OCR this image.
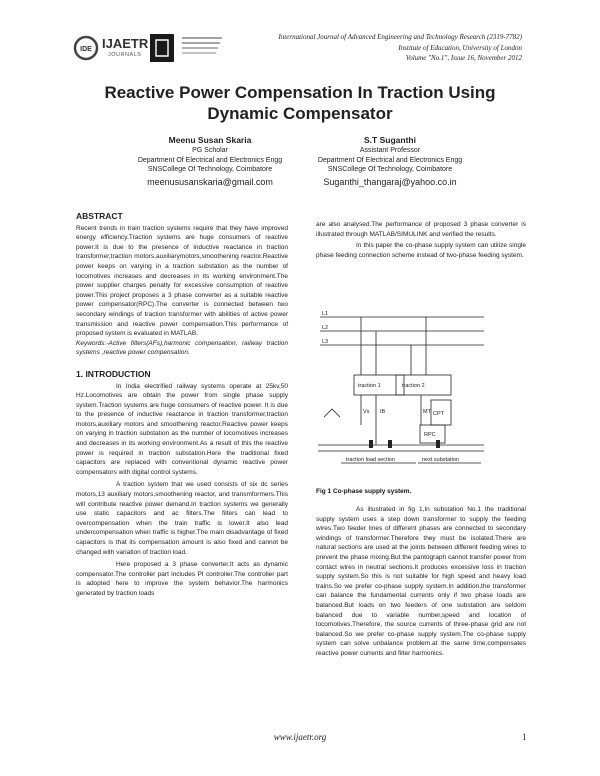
IDE IJAETR
JOURNALS
International Journal of Advanced Engineering and Technology Research (2319-7782)
Institute of Education, University of London
Volume "No.1", Issue 16, November 2012
Reactive Power Compensation In Traction Using
Dynamic Compensator
Meenu Susan Skaria
PG Scholar
Department Of Electrical and Electronics Engg
SNSCollege Of Technology, Coimbatore
meenususanskaria@gmail.com
S.T Suganthi
Assistant Professor
Department Of Electrical and Electronics Engg
SNSCollege Of Technology, Coimbatore
Suganthi_thangaraj@yahoo.co.in
ABSTRACT

Recent trends in train traction systems require that they have improved energy efficiency.Traction systems are huge consumers of reactive power.It is due to the presence of inductive reactance in traction transformer,traction motors,auxiliarymotors,smoothening reactor.Reactive power keeps on varying in a traction substation as the number of locomotives increases and decreases in its working environment.The power supplier charges penalty for excessive consumption of reactive power.This project proposes a 3 phase converter as a suitable reactive power compensator(RPC).The converter is connected between two secondary windings of traction transformer with abilities of active power transmission and reactive power compensation.This performance of proposed system is evaluated in MATLAB.

Keywords:-Active filters(AFs),harmonic compensation, railway traction systems ,reactive power compensation.

1. INTRODUCTION

In India electrified railway systems operate at 25kv,50 Hz.Locomotives are obtain the power from single phase supply system.Traction systems are huge consumers of reactive power. It is due to the presence of inductive reactance in traction transformer,traction motors,auxiliary motors and smoothening reactor.Reactive power keeps on varying in traction substation as the number of locomotives increases and decreases in its working environment.As a result of this the reactive power is required in traction substation.Here the traditional fixed capacitors are replaced with conventional dynamic reactive power compensators with digital control systems.

A traction system that we used consists of six dc series motors,13 auxiliary motors,smoothening reactor, and transmformers.This will contribute reactive power demand.In traction systems we generally use static capacitors and ac filters.The filters can lead to overcompensation when the train traffic is lower.It also lead undercompensation when traffic is higher.The main disadvantage of fixed capacitors is that its compensation amount is also fixed and cannot be changed with variation of traction load.

Here proposed a 3 phase converter.It acts as dynamic compensator.The controller part includes PI controller.The controller part is adopted here to improve the system behavior.The harmonics generated by traction loads

are also analysed.The performance of proposed 3 phase converter is illustrated through MATLAB/SIMULINK and verified the results.

In this paper the co-phase supply system can utilize single phase feeding connection scheme instead of two-phase feeding system.

L1
L2
L3
traction 1	traction 2
Vs IB	MT CPT
RPC
traction load section	next substation
Fig 1 Co-phase supply system.

As illustrated in fig 1,In substation No.1 the traditional supply system uses a step down transformer to supply the feeding wires.Two feeder lines of different phases are connected to secondary windings of transformer.Therefore they must be isolated.There are natural sections are used at the joints between different feeding wires to prevent the phase mixing.But the pantograph cannot transfer power from contact wires in neutral sections.It produces excessive loss in traction supply system.So this is not suitable for high speed and heavy load trains.So we prefer co-phase supply system.In addition,the transformer can balance the fundamental currents only if two phase loads are balanced.But loads on two feeders of one substation are seldom balanced due to variable number,speed and location of locomotives.Therefore, the source currents of three-phase grid are not balanced.So we prefer co-phase supply system.The co-phase supply system can solve unbalance problem.at the same time,compensates reactive power currents and filter harmonics.

www.ijaetr.org	1
